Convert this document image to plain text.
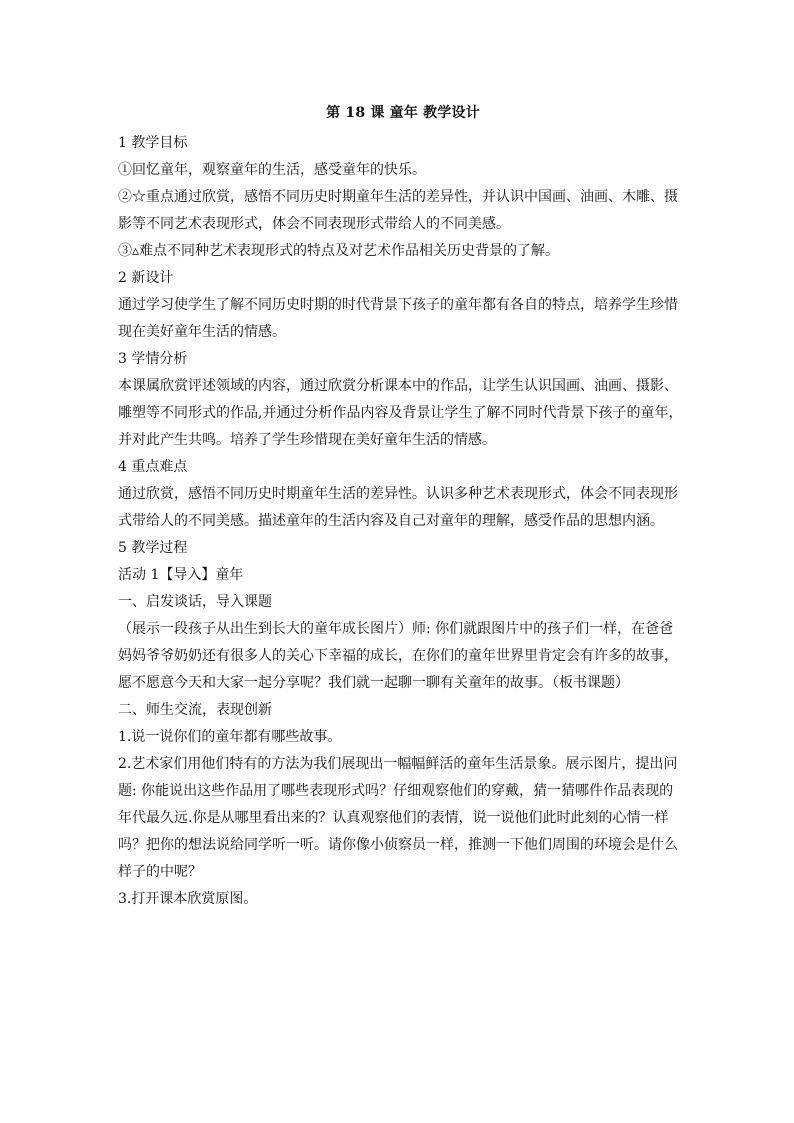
第 18 课 童年 教学设计
1 教学目标
①回忆童年，观察童年的生活，感受童年的快乐。
②☆重点通过欣赏，感悟不同历史时期童年生活的差异性，并认识中国画、油画、木雕、摄
影等不同艺术表现形式，体会不同表现形式带给人的不同美感。
③▵难点不同种艺术表现形式的特点及对艺术作品相关历史背景的了解。
2 新设计
通过学习使学生了解不同历史时期的时代背景下孩子的童年都有各自的特点，培养学生珍惜
现在美好童年生活的情感。
3 学情分析
本课属欣赏评述领域的内容，通过欣赏分析课本中的作品，让学生认识国画、油画、摄影、
雕塑等不同形式的作品,并通过分析作品内容及背景让学生了解不同时代背景下孩子的童年，
并对此产生共鸣。培养了学生珍惜现在美好童年生活的情感。
4 重点难点
通过欣赏，感悟不同历史时期童年生活的差异性。认识多种艺术表现形式，体会不同表现形
式带给人的不同美感。描述童年的生活内容及自己对童年的理解，感受作品的思想内涵。
5 教学过程
活动 1【导入】童年
一、启发谈话，导入课题
（展示一段孩子从出生到长大的童年成长图片）师: 你们就跟图片中的孩子们一样，在爸爸
妈妈爷爷奶奶还有很多人的关心下幸福的成长，在你们的童年世界里肯定会有许多的故事，
愿不愿意今天和大家一起分享呢？我们就一起聊一聊有关童年的故事。（板书课题）
二、师生交流，表现创新
1.说一说你们的童年都有哪些故事。
2.艺术家们用他们特有的方法为我们展现出一幅幅鲜活的童年生活景象。展示图片，提出问
题: 你能说出这些作品用了哪些表现形式吗？仔细观察他们的穿戴，猜一猜哪件作品表现的
年代最久远.你是从哪里看出来的？认真观察他们的表情，说一说他们此时此刻的心情一样
吗？把你的想法说给同学听一听。请你像小侦察员一样，推测一下他们周围的环境会是什么
样子的中呢？
3.打开课本欣赏原图。
